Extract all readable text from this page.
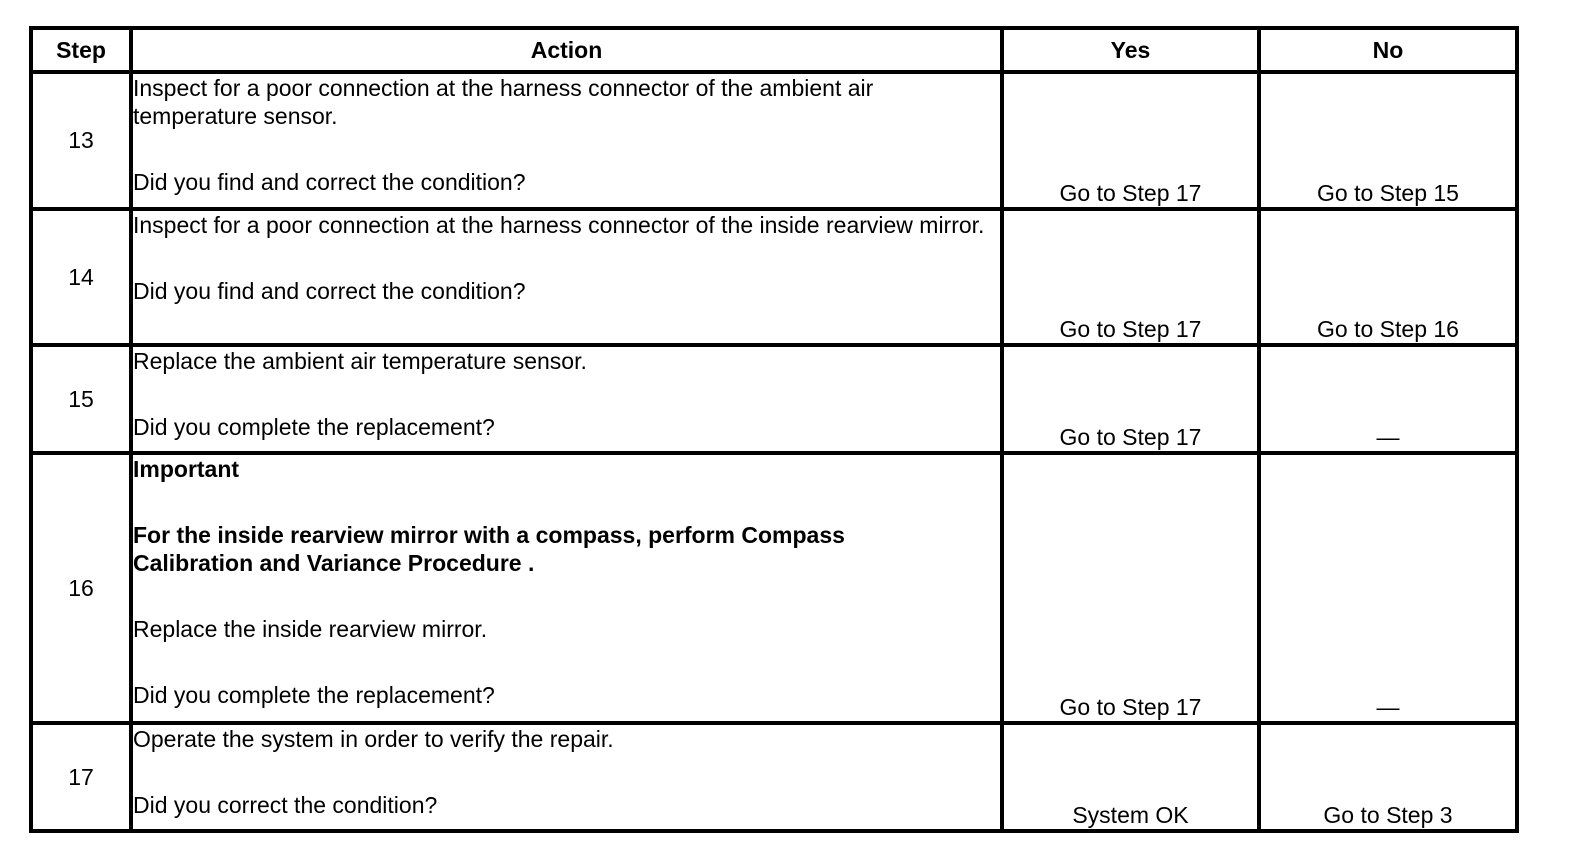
Step	Action	Yes	No
13	Inspect for a poor connection at the harness connector of the ambient air temperature sensor.

Did you find and correct the condition?	Go to Step 17	Go to Step 15
14	Inspect for a poor connection at the harness connector of the inside rearview mirror.

Did you find and correct the condition?	Go to Step 17	Go to Step 16
15	Replace the ambient air temperature sensor.

Did you complete the replacement?	Go to Step 17	—
16	Important

For the inside rearview mirror with a compass, perform Compass Calibration and Variance Procedure .

Replace the inside rearview mirror.

Did you complete the replacement?	Go to Step 17	—
17	Operate the system in order to verify the repair.

Did you correct the condition?	System OK	Go to Step 3
